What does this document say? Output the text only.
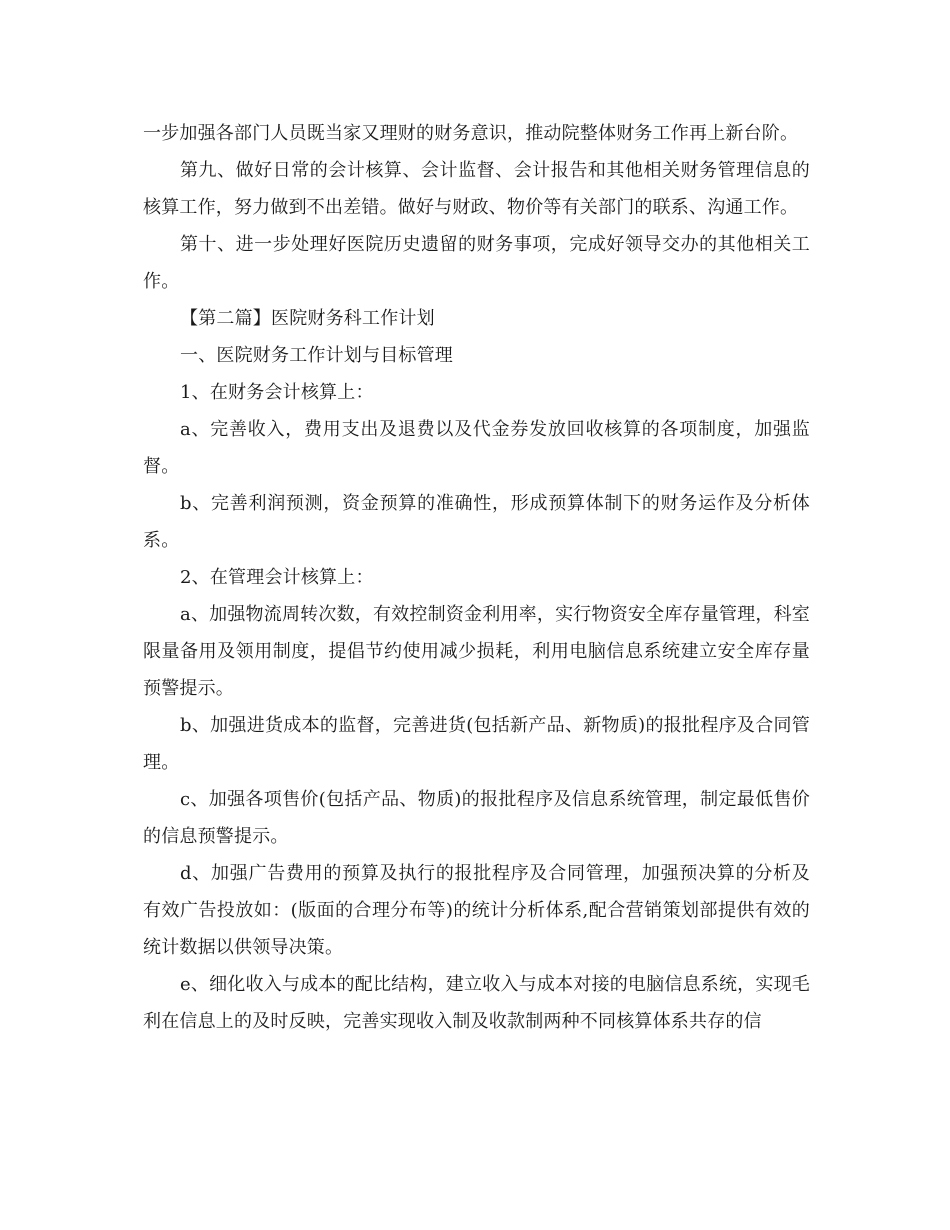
一步加强各部门人员既当家又理财的财务意识，推动院整体财务工作再上新台阶。

第九、做好日常的会计核算、会计监督、会计报告和其他相关财务管理信息的核算工作，努力做到不出差错。做好与财政、物价等有关部门的联系、沟通工作。

第十、进一步处理好医院历史遗留的财务事项，完成好领导交办的其他相关工作。

【第二篇】医院财务科工作计划

一、医院财务工作计划与目标管理

1、在财务会计核算上：

a、完善收入，费用支出及退费以及代金券发放回收核算的各项制度，加强监督。

b、完善利润预测，资金预算的准确性，形成预算体制下的财务运作及分析体系。

2、在管理会计核算上：

a、加强物流周转次数，有效控制资金利用率，实行物资安全库存量管理，科室限量备用及领用制度，提倡节约使用减少损耗，利用电脑信息系统建立安全库存量预警提示。

b、加强进货成本的监督，完善进货(包括新产品、新物质)的报批程序及合同管理。

c、加强各项售价(包括产品、物质)的报批程序及信息系统管理，制定最低售价的信息预警提示。

d、加强广告费用的预算及执行的报批程序及合同管理，加强预决算的分析及有效广告投放如：(版面的合理分布等)的统计分析体系,配合营销策划部提供有效的统计数据以供领导决策。

e、细化收入与成本的配比结构，建立收入与成本对接的电脑信息系统，实现毛利在信息上的及时反映，完善实现收入制及收款制两种不同核算体系共存的信
